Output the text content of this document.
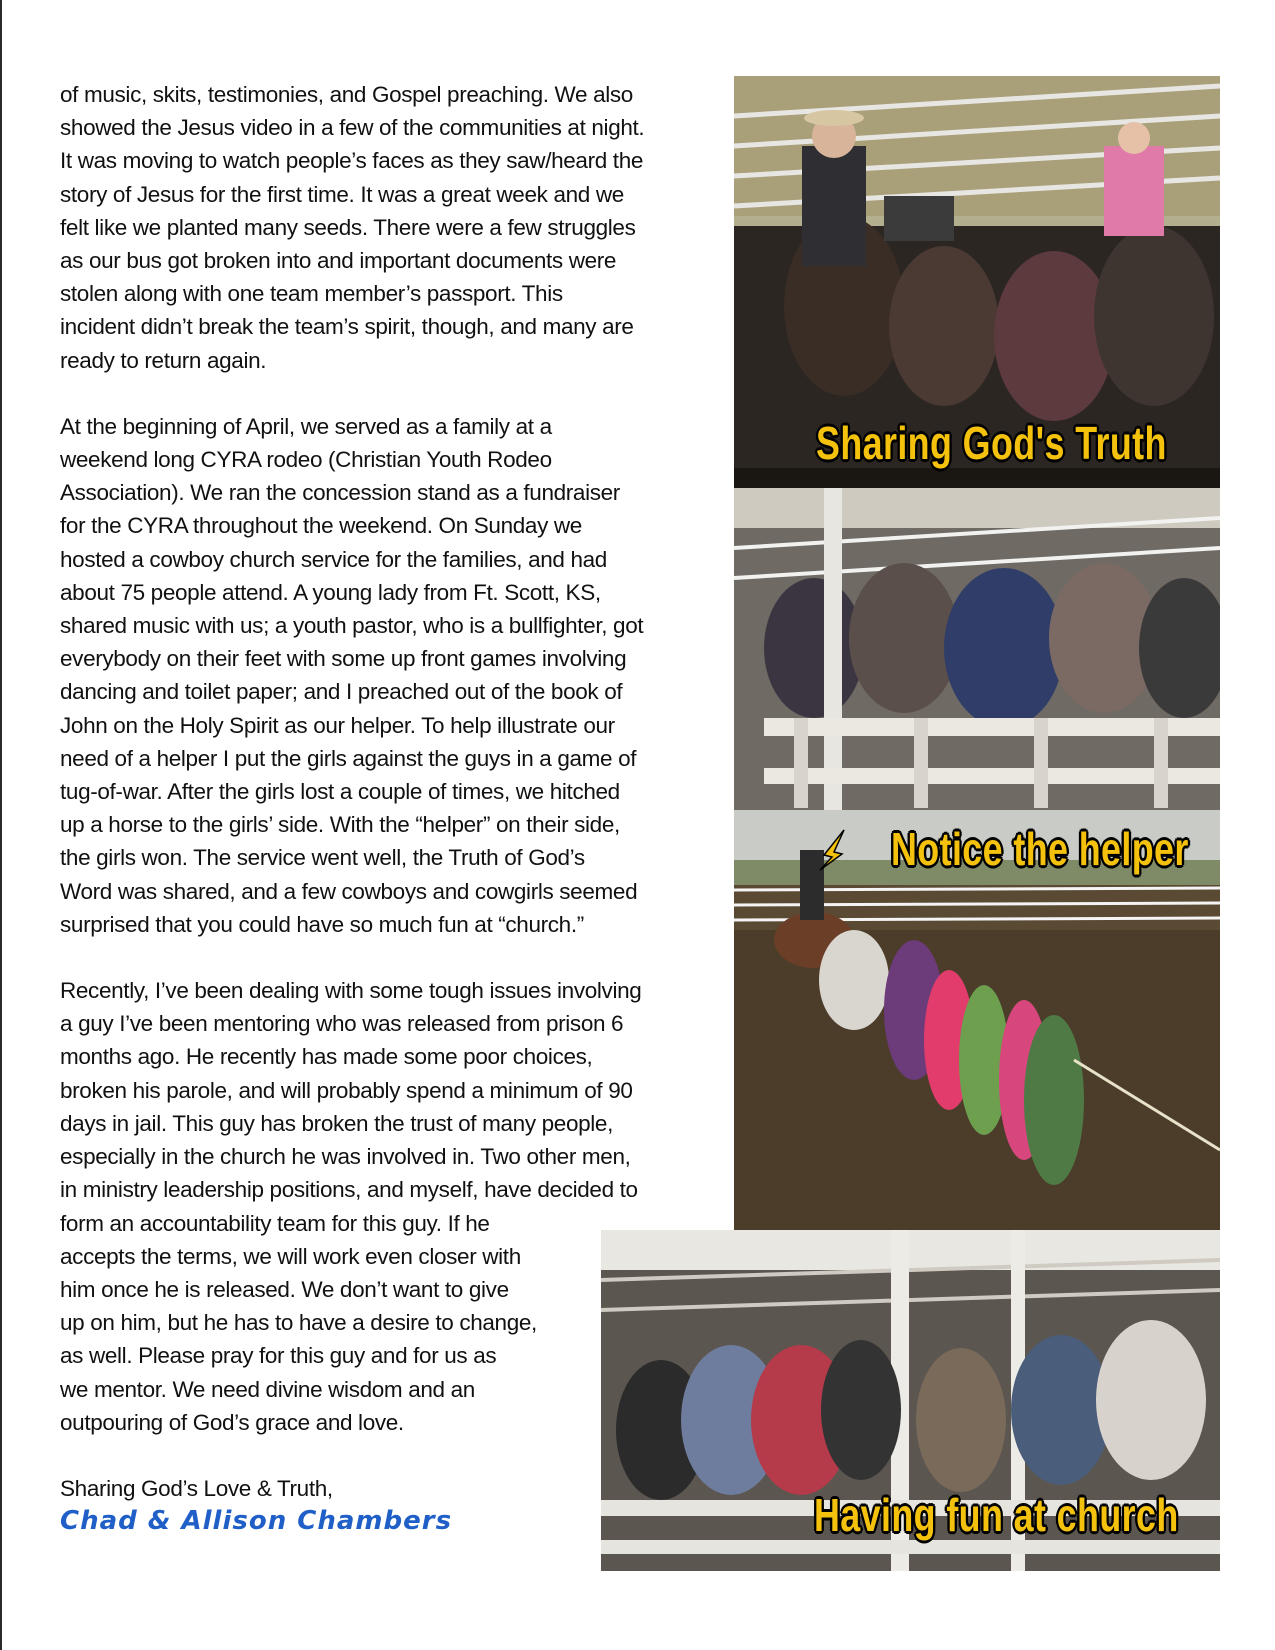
of music, skits, testimonies, and Gospel preaching. We also
showed the Jesus video in a few of the communities at night.
It was moving to watch people’s faces as they saw/heard the
story of Jesus for the first time. It was a great week and we
felt like we planted many seeds. There were a few struggles
as our bus got broken into and important documents were
stolen along with one team member’s passport. This
incident didn’t break the team’s spirit, though, and many are
ready to return again.

At the beginning of April, we served as a family at a
weekend long CYRA rodeo (Christian Youth Rodeo
Association). We ran the concession stand as a fundraiser
for the CYRA throughout the weekend. On Sunday we
hosted a cowboy church service for the families, and had
about 75 people attend. A young lady from Ft. Scott, KS,
shared music with us; a youth pastor, who is a bullfighter, got
everybody on their feet with some up front games involving
dancing and toilet paper; and I preached out of the book of
John on the Holy Spirit as our helper. To help illustrate our
need of a helper I put the girls against the guys in a game of
tug-of-war. After the girls lost a couple of times, we hitched
up a horse to the girls’ side. With the “helper” on their side,
the girls won. The service went well, the Truth of God’s
Word was shared, and a few cowboys and cowgirls seemed
surprised that you could have so much fun at “church.”

Recently, I’ve been dealing with some tough issues involving
a guy I’ve been mentoring who was released from prison 6
months ago. He recently has made some poor choices,
broken his parole, and will probably spend a minimum of 90
days in jail. This guy has broken the trust of many people,
especially in the church he was involved in. Two other men,
in ministry leadership positions, and myself, have decided to

form an accountability team for this guy. If he
accepts the terms, we will work even closer with
him once he is released. We don’t want to give
up on him, but he has to have a desire to change,
as well. Please pray for this guy and for us as
we mentor. We need divine wisdom and an
outpouring of God’s grace and love.

Sharing God’s Love & Truth,

Chad & Allison Chambers

Sharing God's Truth
Notice the helper
Having fun at church
